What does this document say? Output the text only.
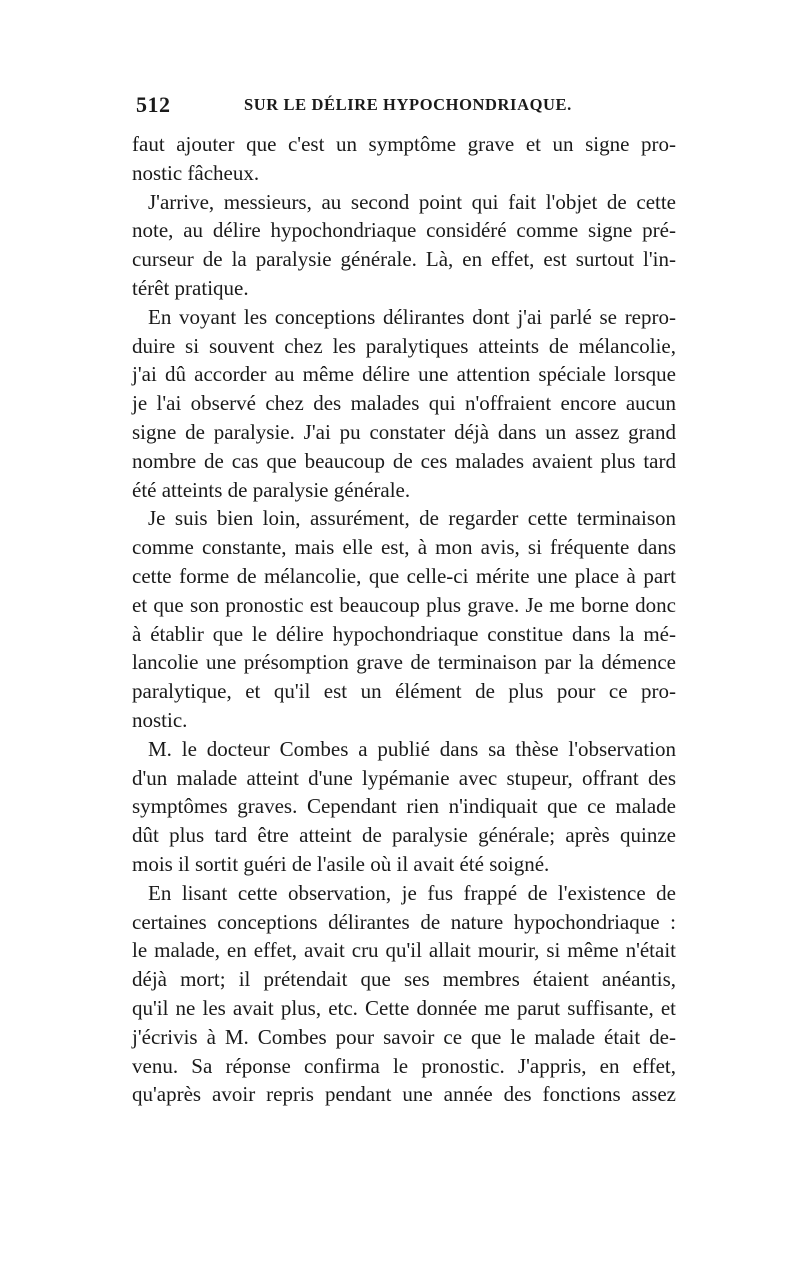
512	SUR LE DÉLIRE HYPOCHONDRIAQUE.
faut ajouter que c'est un symptôme grave et un signe pro-
nostic fâcheux.
J'arrive, messieurs, au second point qui fait l'objet de cette
note, au délire hypochondriaque considéré comme signe pré-
curseur de la paralysie générale. Là, en effet, est surtout l'in-
térêt pratique.
En voyant les conceptions délirantes dont j'ai parlé se repro-
duire si souvent chez les paralytiques atteints de mélancolie,
j'ai dû accorder au même délire une attention spéciale lorsque
je l'ai observé chez des malades qui n'offraient encore aucun
signe de paralysie. J'ai pu constater déjà dans un assez grand
nombre de cas que beaucoup de ces malades avaient plus tard
été atteints de paralysie générale.
Je suis bien loin, assurément, de regarder cette terminaison
comme constante, mais elle est, à mon avis, si fréquente dans
cette forme de mélancolie, que celle-ci mérite une place à part
et que son pronostic est beaucoup plus grave. Je me borne donc
à établir que le délire hypochondriaque constitue dans la mé-
lancolie une présomption grave de terminaison par la démence
paralytique, et qu'il est un élément de plus pour ce pro-
nostic.
M. le docteur Combes a publié dans sa thèse l'observation
d'un malade atteint d'une lypémanie avec stupeur, offrant des
symptômes graves. Cependant rien n'indiquait que ce malade
dût plus tard être atteint de paralysie générale; après quinze
mois il sortit guéri de l'asile où il avait été soigné.
En lisant cette observation, je fus frappé de l'existence de
certaines conceptions délirantes de nature hypochondriaque :
le malade, en effet, avait cru qu'il allait mourir, si même n'était
déjà mort; il prétendait que ses membres étaient anéantis,
qu'il ne les avait plus, etc. Cette donnée me parut suffisante, et
j'écrivis à M. Combes pour savoir ce que le malade était de-
venu. Sa réponse confirma le pronostic. J'appris, en effet,
qu'après avoir repris pendant une année des fonctions assez
